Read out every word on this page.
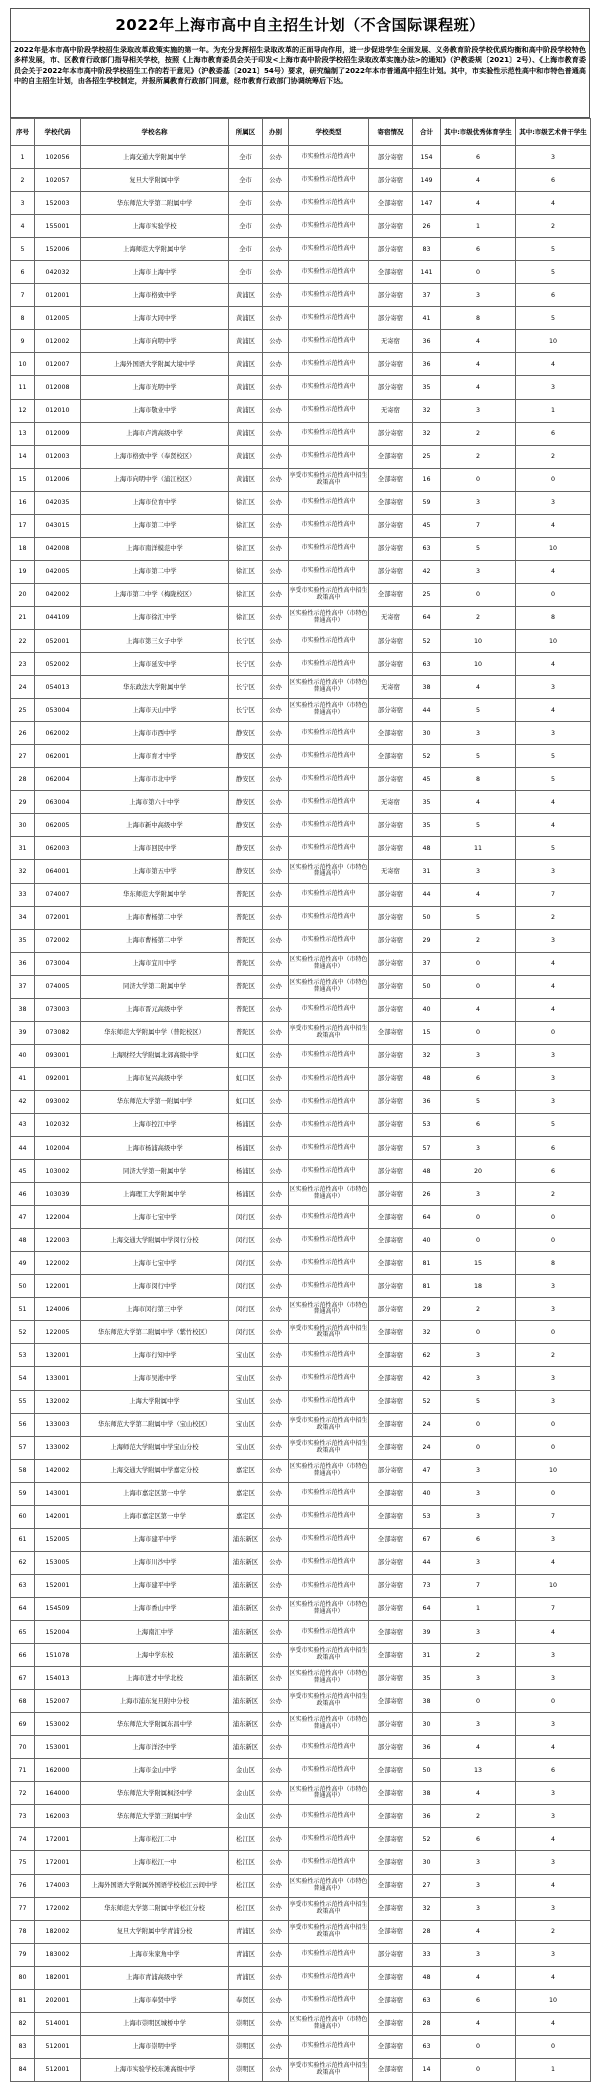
2022年上海市高中自主招生计划（不含国际课程班）
2022年是本市高中阶段学校招生录取改革政策实施的第一年。为充分发挥招生录取改革的正面导向作用，进一步促进学生全面发展、义务教育阶段学校优质均衡和高中阶段学校特色多样发展，市、区教育行政部门指导相关学校，按照《上海市教育委员会关于印发<上海市高中阶段学校招生录取改革实施办法>的通知》（沪教委规〔2021〕2号）、《上海市教育委员会关于2022年本市高中阶段学校招生工作的若干意见》（沪教委基〔2021〕54号）要求，研究编制了2022年本市普通高中招生计划。其中，市实验性示范性高中和市特色普通高中的自主招生计划，由各招生学校制定，并报所属教育行政部门同意，经市教育行政部门协调统筹后下达。
序号	学校代码	学校名称	所属区	办别	学校类型	寄宿情况	合计	其中:市级优秀体育学生	其中:市级艺术骨干学生
1	102056	上海交通大学附属中学	全市	公办	市实验性示范性高中	部分寄宿	154	6	3
2	102057	复旦大学附属中学	全市	公办	市实验性示范性高中	部分寄宿	149	4	6
3	152003	华东师范大学第二附属中学	全市	公办	市实验性示范性高中	全部寄宿	147	4	4
4	155001	上海市实验学校	全市	公办	市实验性示范性高中	部分寄宿	26	1	2
5	152006	上海师范大学附属中学	全市	公办	市实验性示范性高中	部分寄宿	83	6	5
6	042032	上海市上海中学	全市	公办	市实验性示范性高中	全部寄宿	141	0	5
7	012001	上海市格致中学	黄浦区	公办	市实验性示范性高中	部分寄宿	37	3	6
8	012005	上海市大同中学	黄浦区	公办	市实验性示范性高中	部分寄宿	41	8	5
9	012002	上海市向明中学	黄浦区	公办	市实验性示范性高中	无寄宿	36	4	10
10	012007	上海外国语大学附属大境中学	黄浦区	公办	市实验性示范性高中	部分寄宿	36	4	4
11	012008	上海市光明中学	黄浦区	公办	市实验性示范性高中	部分寄宿	35	4	3
12	012010	上海市敬业中学	黄浦区	公办	市实验性示范性高中	无寄宿	32	3	1
13	012009	上海市卢湾高级中学	黄浦区	公办	市实验性示范性高中	部分寄宿	32	2	6
14	012003	上海市格致中学（奉贤校区）	黄浦区	公办	市实验性示范性高中	全部寄宿	25	2	2
15	012006	上海市向明中学（浦江校区）	黄浦区	公办	享受市实验性示范性高中招生政策高中	全部寄宿	16	0	0
16	042035	上海市位育中学	徐汇区	公办	市实验性示范性高中	全部寄宿	59	3	3
17	043015	上海市第二中学	徐汇区	公办	市实验性示范性高中	部分寄宿	45	7	4
18	042008	上海市南洋模范中学	徐汇区	公办	市实验性示范性高中	部分寄宿	63	5	10
19	042005	上海市第二中学	徐汇区	公办	市实验性示范性高中	部分寄宿	42	3	4
20	042002	上海市第二中学（梅陇校区）	徐汇区	公办	享受市实验性示范性高中招生政策高中	全部寄宿	25	0	0
21	044109	上海市徐汇中学	徐汇区	公办	区实验性示范性高中（市特色普通高中）	无寄宿	64	2	8
22	052001	上海市第三女子中学	长宁区	公办	市实验性示范性高中	部分寄宿	52	10	10
23	052002	上海市延安中学	长宁区	公办	市实验性示范性高中	部分寄宿	63	10	4
24	054013	华东政法大学附属中学	长宁区	公办	区实验性示范性高中（市特色普通高中）	无寄宿	38	4	3
25	053004	上海市天山中学	长宁区	公办	区实验性示范性高中（市特色普通高中）	部分寄宿	44	5	4
26	062002	上海市市西中学	静安区	公办	市实验性示范性高中	全部寄宿	30	3	3
27	062001	上海市育才中学	静安区	公办	市实验性示范性高中	全部寄宿	52	5	5
28	062004	上海市市北中学	静安区	公办	市实验性示范性高中	部分寄宿	45	8	5
29	063004	上海市第六十中学	静安区	公办	市实验性示范性高中	无寄宿	35	4	4
30	062005	上海市新中高级中学	静安区	公办	市实验性示范性高中	部分寄宿	35	5	4
31	062003	上海市回民中学	静安区	公办	市实验性示范性高中	部分寄宿	48	11	5
32	064001	上海市第五中学	静安区	公办	区实验性示范性高中（市特色普通高中）	无寄宿	31	3	3
33	074007	华东师范大学附属中学	普陀区	公办	市实验性示范性高中	部分寄宿	44	4	7
34	072001	上海市曹杨第二中学	普陀区	公办	市实验性示范性高中	部分寄宿	50	5	2
35	072002	上海市曹杨第二中学	普陀区	公办	市实验性示范性高中	部分寄宿	29	2	3
36	073004	上海市宜川中学	普陀区	公办	区实验性示范性高中（市特色普通高中）	部分寄宿	37	0	4
37	074005	同济大学第二附属中学	普陀区	公办	区实验性示范性高中（市特色普通高中）	部分寄宿	50	0	4
38	073003	上海市晋元高级中学	普陀区	公办	市实验性示范性高中	部分寄宿	40	4	4
39	073082	华东师范大学附属中学（普陀校区）	普陀区	公办	享受市实验性示范性高中招生政策高中	全部寄宿	15	0	0
40	093001	上海财经大学附属北郊高级中学	虹口区	公办	市实验性示范性高中	部分寄宿	32	3	3
41	092001	上海市复兴高级中学	虹口区	公办	市实验性示范性高中	部分寄宿	48	6	3
42	093002	华东师范大学第一附属中学	虹口区	公办	市实验性示范性高中	部分寄宿	36	5	3
43	102032	上海市控江中学	杨浦区	公办	市实验性示范性高中	部分寄宿	53	6	5
44	102004	上海市杨浦高级中学	杨浦区	公办	市实验性示范性高中	部分寄宿	57	3	6
45	103002	同济大学第一附属中学	杨浦区	公办	市实验性示范性高中	部分寄宿	48	20	6
46	103039	上海理工大学附属中学	杨浦区	公办	区实验性示范性高中（市特色普通高中）	部分寄宿	26	3	2
47	122004	上海市七宝中学	闵行区	公办	市实验性示范性高中	全部寄宿	64	0	0
48	122003	上海交通大学附属中学闵行分校	闵行区	公办	市实验性示范性高中	全部寄宿	40	0	0
49	122002	上海市七宝中学	闵行区	公办	市实验性示范性高中	全部寄宿	81	15	8
50	122001	上海市闵行中学	闵行区	公办	市实验性示范性高中	部分寄宿	81	18	3
51	124006	上海市闵行第三中学	闵行区	公办	区实验性示范性高中（市特色普通高中）	部分寄宿	29	2	3
52	122005	华东师范大学第二附属中学（紫竹校区）	闵行区	公办	享受市实验性示范性高中招生政策高中	全部寄宿	32	0	0
53	132001	上海市行知中学	宝山区	公办	市实验性示范性高中	全部寄宿	62	3	2
54	133001	上海市吴淞中学	宝山区	公办	市实验性示范性高中	全部寄宿	42	3	3
55	132002	上海大学附属中学	宝山区	公办	市实验性示范性高中	全部寄宿	52	5	3
56	133003	华东师范大学第二附属中学（宝山校区）	宝山区	公办	享受市实验性示范性高中招生政策高中	全部寄宿	24	0	0
57	133002	上海师范大学附属中学宝山分校	宝山区	公办	享受市实验性示范性高中招生政策高中	全部寄宿	24	0	0
58	142002	上海交通大学附属中学嘉定分校	嘉定区	公办	区实验性示范性高中（市特色普通高中）	部分寄宿	47	3	10
59	143001	上海市嘉定区第一中学	嘉定区	公办	市实验性示范性高中	全部寄宿	40	3	0
60	142001	上海市嘉定区第一中学	嘉定区	公办	市实验性示范性高中	全部寄宿	53	3	7
61	152005	上海市建平中学	浦东新区	公办	市实验性示范性高中	全部寄宿	67	6	3
62	153005	上海市川沙中学	浦东新区	公办	市实验性示范性高中	部分寄宿	44	3	4
63	152001	上海市建平中学	浦东新区	公办	市实验性示范性高中	部分寄宿	73	7	10
64	154509	上海市香山中学	浦东新区	公办	区实验性示范性高中（市特色普通高中）	部分寄宿	64	1	7
65	152004	上海南汇中学	浦东新区	公办	市实验性示范性高中	全部寄宿	39	3	4
66	151078	上海中学东校	浦东新区	公办	享受市实验性示范性高中招生政策高中	全部寄宿	31	2	3
67	154013	上海市进才中学北校	浦东新区	公办	区实验性示范性高中（市特色普通高中）	部分寄宿	35	3	3
68	152007	上海市浦东复旦附中分校	浦东新区	公办	享受市实验性示范性高中招生政策高中	全部寄宿	38	0	0
69	153002	华东师范大学附属东昌中学	浦东新区	公办	区实验性示范性高中（市特色普通高中）	部分寄宿	30	3	3
70	153001	上海市洋泾中学	浦东新区	公办	市实验性示范性高中	部分寄宿	36	4	4
71	162000	上海市金山中学	金山区	公办	市实验性示范性高中	全部寄宿	50	13	6
72	164000	华东师范大学附属枫泾中学	金山区	公办	区实验性示范性高中（市特色普通高中）	全部寄宿	38	4	3
73	162003	华东师范大学第三附属中学	金山区	公办	市实验性示范性高中	全部寄宿	36	2	3
74	172001	上海市松江二中	松江区	公办	市实验性示范性高中	全部寄宿	52	6	4
75	172001	上海市松江一中	松江区	公办	市实验性示范性高中	全部寄宿	30	3	3
76	174003	上海外国语大学附属外国语学校松江云间中学	松江区	公办	区实验性示范性高中（市特色普通高中）	全部寄宿	27	3	4
77	172002	华东师范大学第二附属中学松江分校	松江区	公办	享受市实验性示范性高中招生政策高中	全部寄宿	32	3	3
78	182002	复旦大学附属中学青浦分校	青浦区	公办	享受市实验性示范性高中招生政策高中	全部寄宿	28	4	2
79	183002	上海市朱家角中学	青浦区	公办	市实验性示范性高中	部分寄宿	33	3	3
80	182001	上海市青浦高级中学	青浦区	公办	市实验性示范性高中	全部寄宿	48	4	4
81	202001	上海市奉贤中学	奉贤区	公办	市实验性示范性高中	全部寄宿	63	6	10
82	514001	上海市崇明区城桥中学	崇明区	公办	区实验性示范性高中（市特色普通高中）	全部寄宿	28	4	4
83	512001	上海市崇明中学	崇明区	公办	市实验性示范性高中	全部寄宿	63	0	0
84	512001	上海市实验学校东滩高级中学	崇明区	公办	享受市实验性示范性高中招生政策高中	全部寄宿	14	0	1
